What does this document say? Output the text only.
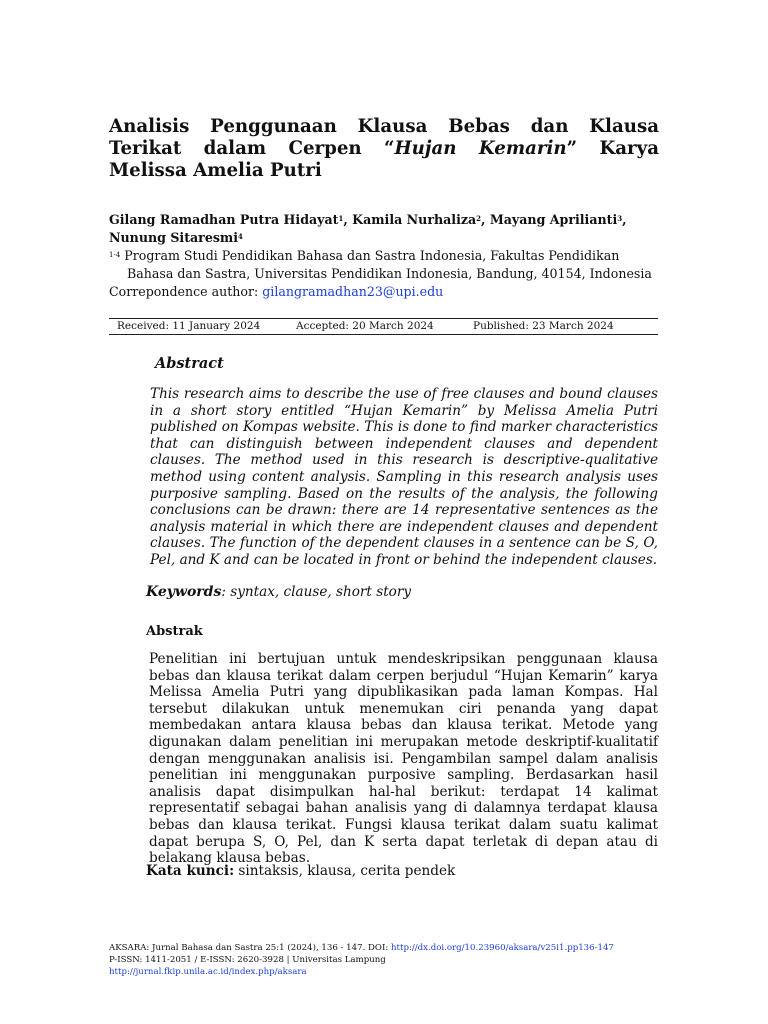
Analisis Penggunaan Klausa Bebas dan Klausa Terikat dalam Cerpen “Hujan Kemarin” Karya Melissa Amelia Putri
Gilang Ramadhan Putra Hidayat$^1$, Kamila Nurhaliza$^2$, Mayang Aprilianti$^3$, Nunung Sitaresmi$^4$
$^{1-4}$ Program Studi Pendidikan Bahasa dan Sastra Indonesia, Fakultas Pendidikan
Bahasa dan Sastra, Universitas Pendidikan Indonesia, Bandung, 40154, Indonesia
Correpondence author: gilangramadhan23@upi.edu
Received: 11 January 2024	Accepted: 20 March 2024	Published: 23 March 2024
Abstract

This research aims to describe the use of free clauses and bound clauses in a short story entitled “Hujan Kemarin” by Melissa Amelia Putri published on Kompas website. This is done to find marker characteristics that can distinguish between independent clauses and dependent clauses. The method used in this research is descriptive-qualitative method using content analysis. Sampling in this research analysis uses purposive sampling. Based on the results of the analysis, the following conclusions can be drawn: there are 14 representative sentences as the analysis material in which there are independent clauses and dependent clauses. The function of the dependent clauses in a sentence can be S, O, Pel, and K and can be located in front or behind the independent clauses.

Keywords: syntax, clause, short story
Abstrak

Penelitian ini bertujuan untuk mendeskripsikan penggunaan klausa bebas dan klausa terikat dalam cerpen berjudul “Hujan Kemarin” karya Melissa Amelia Putri yang dipublikasikan pada laman Kompas. Hal tersebut dilakukan untuk menemukan ciri penanda yang dapat membedakan antara klausa bebas dan klausa terikat. Metode yang digunakan dalam penelitian ini merupakan metode deskriptif-kualitatif dengan menggunakan analisis isi. Pengambilan sampel dalam analisis penelitian ini menggunakan purposive sampling. Berdasarkan hasil analisis dapat disimpulkan hal-hal berikut: terdapat 14 kalimat representatif sebagai bahan analisis yang di dalamnya terdapat klausa bebas dan klausa terikat. Fungsi klausa terikat dalam suatu kalimat dapat berupa S, O, Pel, dan K serta dapat terletak di depan atau di belakang klausa bebas.

Kata kunci: sintaksis, klausa, cerita pendek
AKSARA: Jurnal Bahasa dan Sastra 25:1 (2024), 136 - 147. DOI: http://dx.doi.org/10.23960/aksara/v25i1.pp136-147
P-ISSN: 1411-2051 / E-ISSN: 2620-3928 | Universitas Lampung
http://jurnal.fkip.unila.ac.id/index.php/aksara
